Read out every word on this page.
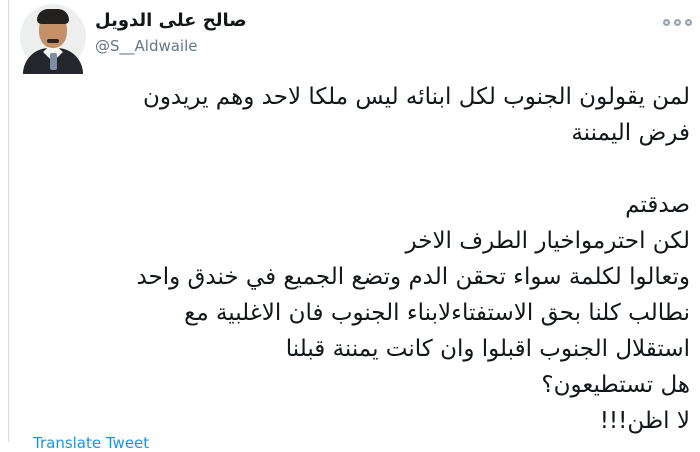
صالح على الدويل
@S__Aldwaile
لمن يقولون الجنوب لكل ابنائه ليس ملكا لاحد وهم يريدون
فرض اليمننة

صدقتم
لكن احترمواخيار الطرف الاخر
وتعالوا لكلمة سواء تحقن الدم وتضع الجميع في خندق واحد
نطالب كلنا بحق الاستفتاءلابناء الجنوب فان الاغلبية مع
استقلال الجنوب اقبلوا وان كانت يمننة قبلنا
هل تستطيعون؟
لا اظن!!!
Translate Tweet
